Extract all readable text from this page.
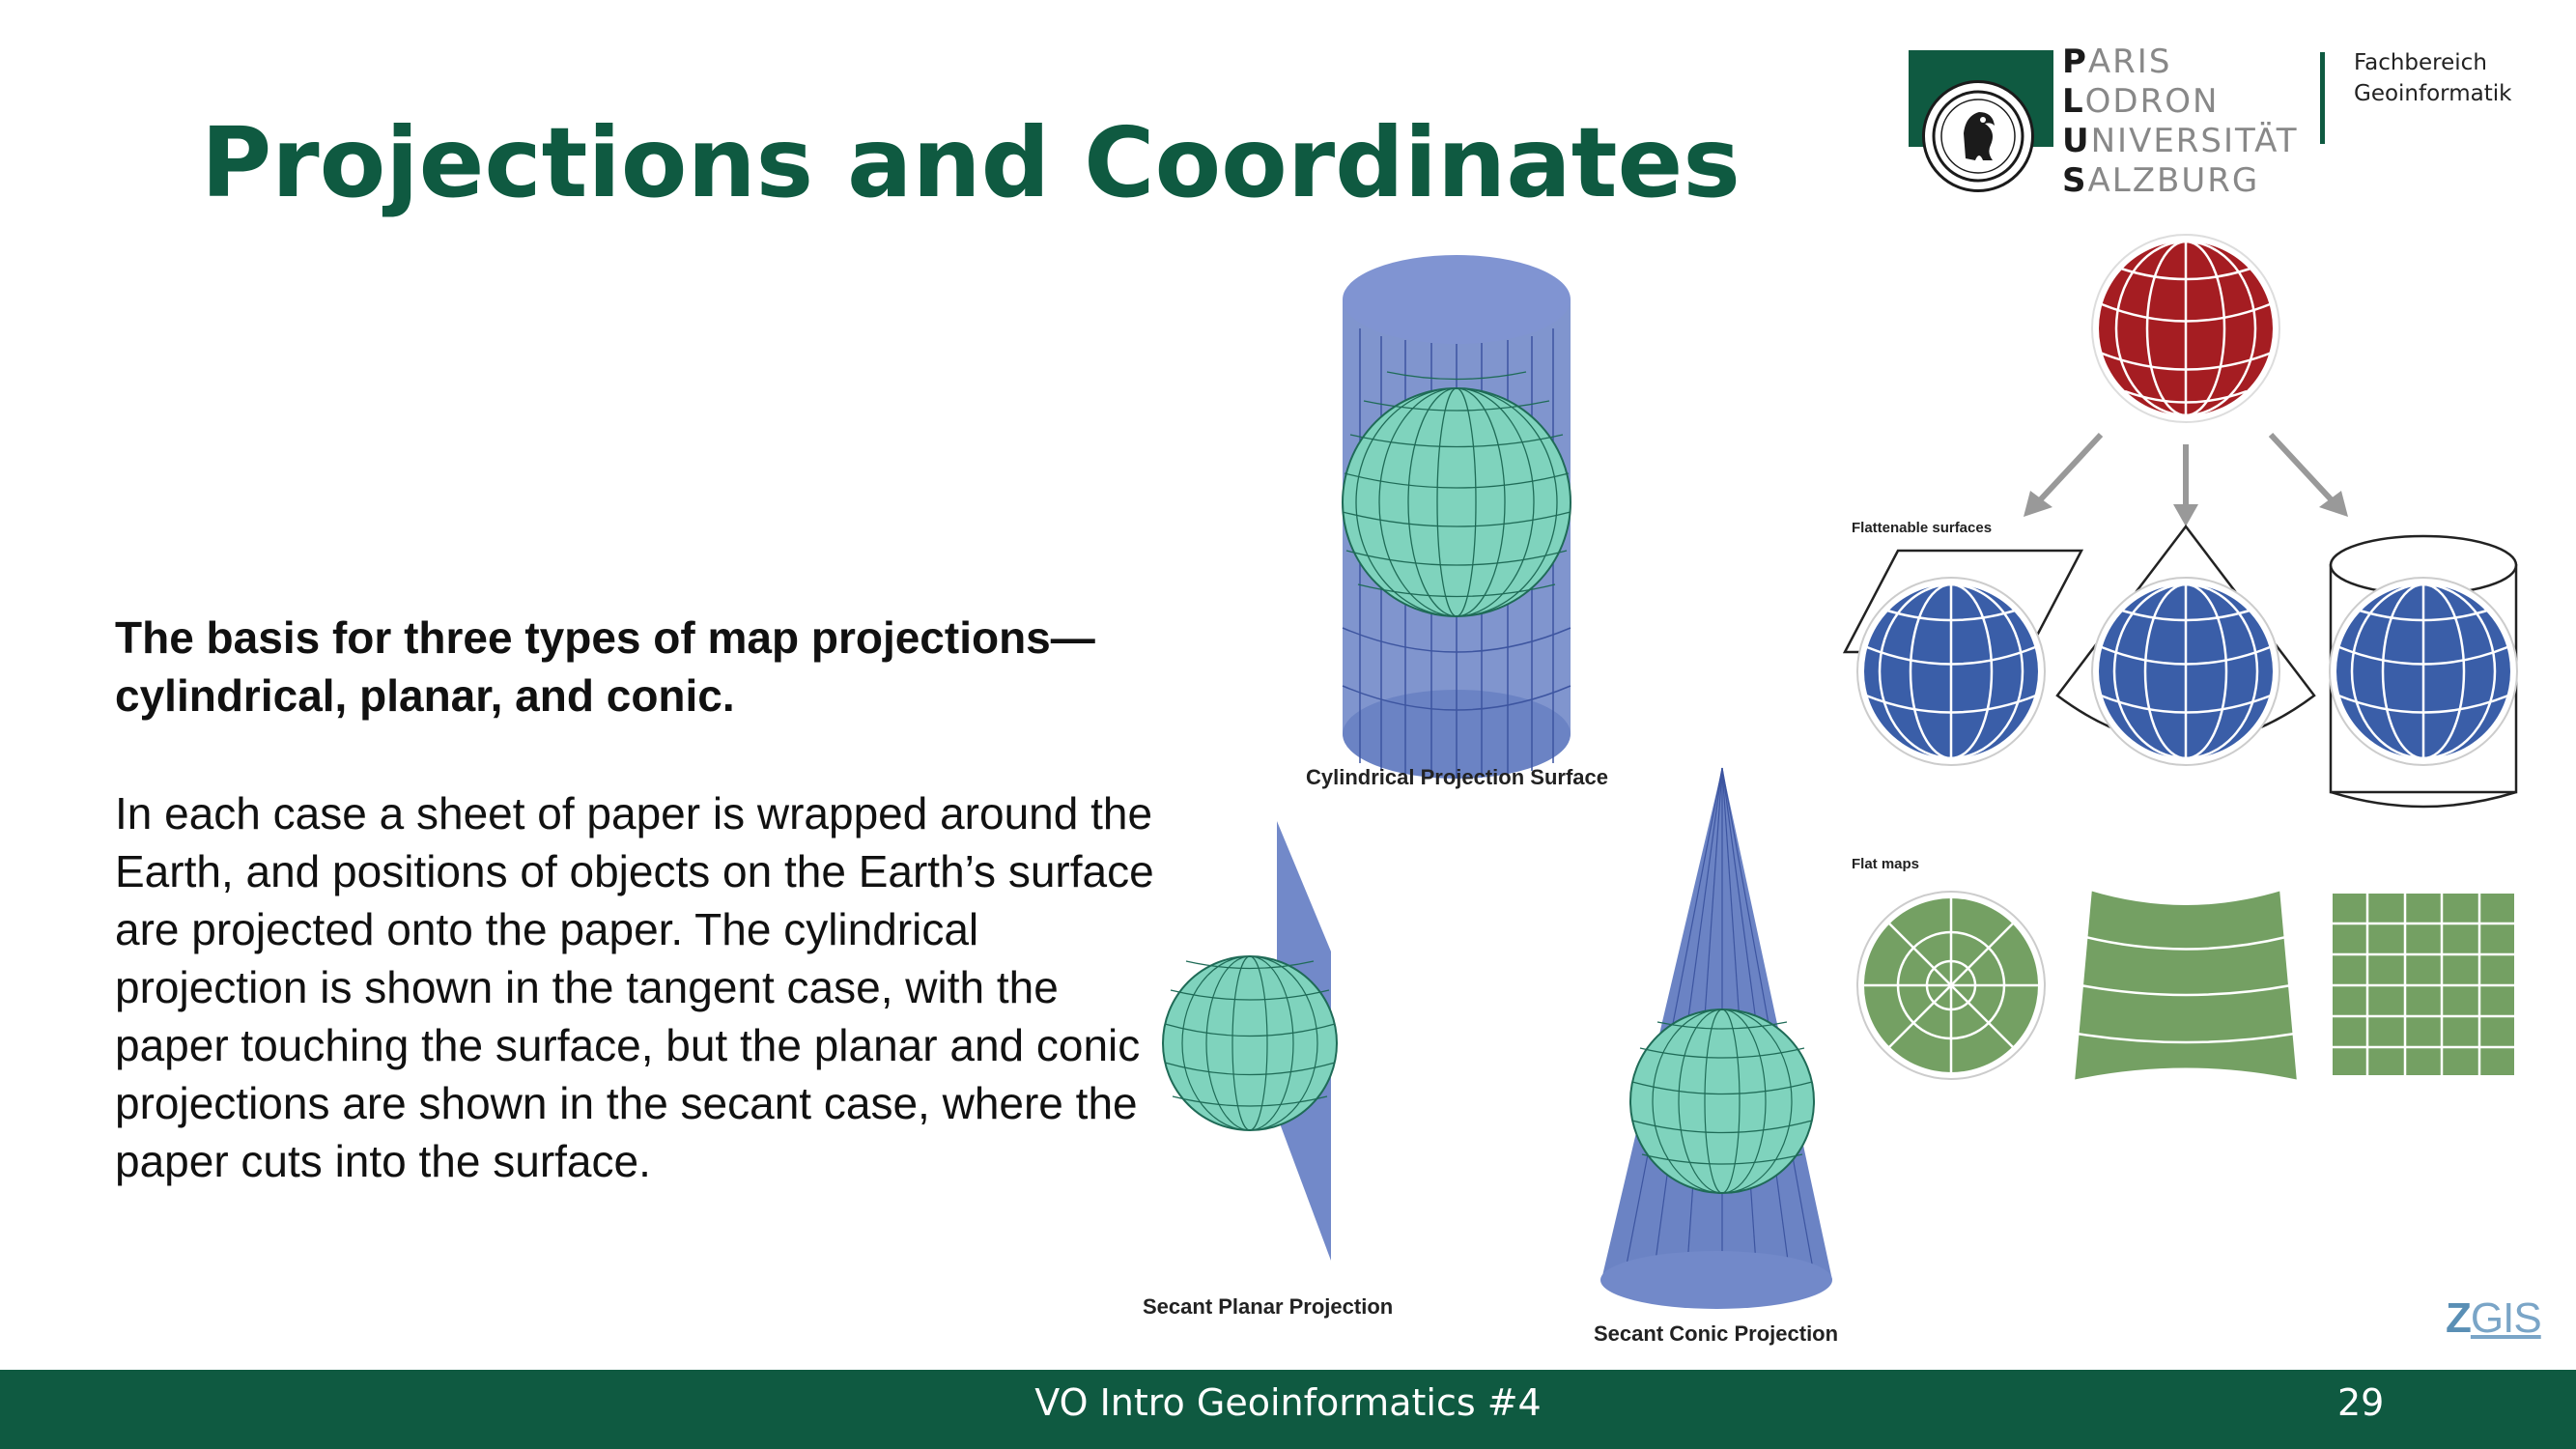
Projections and Coordinates
PARIS
LODRON
UNIVERSITÄT
SALZBURG
Fachbereich
Geoinformatik
The basis for three types of map projections—cylindrical, planar, and conic.
In each case a sheet of paper is wrapped around the Earth, and positions of objects on the Earth’s surface are projected onto the paper. The cylindrical projection is shown in the tangent case, with the paper touching the surface, but the planar and conic projections are shown in the secant case, where the paper cuts into the surface.
Cylindrical Projection Surface
Secant Planar Projection
Secant Conic Projection
Flattenable surfaces
Flat maps
ZGIS
VO Intro Geoinformatics #4	29
